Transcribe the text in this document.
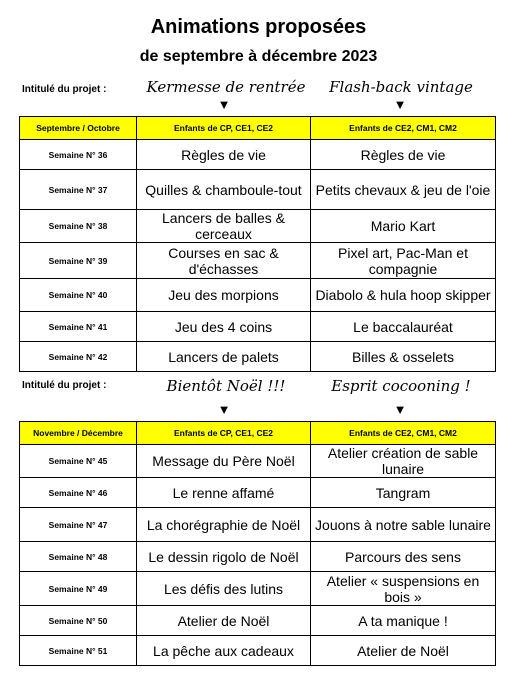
Animations proposées
de septembre à décembre 2023
Intitulé du projet :	Kermesse de rentrée	Flash-back vintage
▼	▼
Septembre / Octobre	Enfants de CP, CE1, CE2	Enfants de CE2, CM1, CM2
Semaine N° 36	Règles de vie	Règles de vie
Semaine N° 37	Quilles & chamboule-tout	Petits chevaux & jeu de l'oie
Semaine N° 38	Lancers de balles & cerceaux	Mario Kart
Semaine N° 39	Courses en sac & d'échasses	Pixel art, Pac-Man et compagnie
Semaine N° 40	Jeu des morpions	Diabolo & hula hoop skipper
Semaine N° 41	Jeu des 4 coins	Le baccalauréat
Semaine N° 42	Lancers de palets	Billes & osselets
Intitulé du projet :	Bientôt Noël !!!	Esprit cocooning !
▼	▼
Novembre / Décembre	Enfants de CP, CE1, CE2	Enfants de CE2, CM1, CM2
Semaine N° 45	Message du Père Noël	Atelier création de sable lunaire
Semaine N° 46	Le renne affamé	Tangram
Semaine N° 47	La chorégraphie de Noël	Jouons à notre sable lunaire
Semaine N° 48	Le dessin rigolo de Noël	Parcours des sens
Semaine N° 49	Les défis des lutins	Atelier « suspensions en bois »
Semaine N° 50	Atelier de Noël	A ta manique !
Semaine N° 51	La pêche aux cadeaux	Atelier de Noël
